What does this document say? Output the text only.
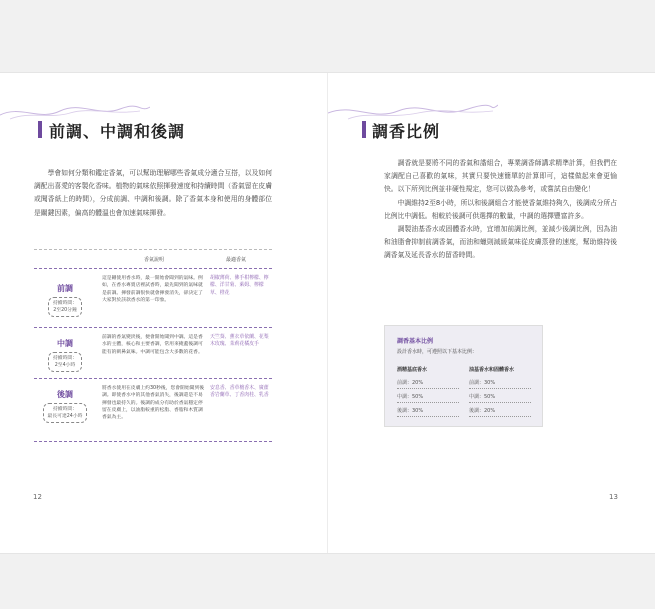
前調、中調和後調

學會如何分類和鑑定香氣，可以幫助理解哪些香氣成分適合互搭，以及如何調配出喜愛的客製化香味。植物的氣味依照揮發速度和持續時間（香氣留在皮膚或聞香紙上的時間），分成前調、中調和後調。除了香氣本身和使用的身體部位是關鍵因素，偏高的體溫也會加速氣味揮發。

香氣說明	最適香氣
前調
持續時間：
2至20分鐘
這是剛使用香水時，最一開始會聞到的氣味。例如，在香水專賣店裡試香時，最先聞到的氣味就是前調。揮發前調很快就會揮發消失，卻決定了大家對於該款香水的第一印象。
胡椒薄荷、佛手柑檸檬、檸檬、洋甘菊、萊姆、檸檬草、橙花
中調
持續時間：
2至4小時
前調的香氣變淡後，便會開始聞到中調。這是香水的主體，核心和主要香調，常用來掩蓋後調可能有的刺鼻氣味。中調可能包含大多數的花香。
天竺葵、薰衣草依蘭、花梨木玫瑰、茉莉花橘皮手
後調
持續時間：
最長可達24小時
將香水使用在皮膚上約30秒後，您會開始聞到後調。即使香水中的其他香氣消失，後調還是不易揮發也最持久的。後調的成分有助於香氣穩定停留在皮膚上，以油脂較重的松脂、香脂和木質調香氣為主。
安息香、香草檀香木、廣藿香岩蘭草、丁香肉桂、乳香
12
調香比例

調香就是要將不同的香氣和諧組合，專業調香師講求精準計算，但我們在家調配自己喜歡的氣味，其實只要快速簡單的計算即可，這樣做起來會更愉快。以下所列比例並非硬性規定，您可以做為參考，或嘗試自由變化！

中調維持2至8小時，所以和後調組合才能使香氣維持夠久，後調成分所占比例比中調低。相較於後調可供選擇的數量，中調的選擇豐富許多。

調製油基香水或固體香水時，宜增加前調比例，並減少後調比例，因為油和油脂會抑制前調香氣，而油和蠟則減緩氣味從皮膚蒸發的速度，幫助維持後調香氣及延長香水的留香時間。

調香基本比例
設計香水時，可遵照以下基本比例：
酒精基底香水	油基香水和固體香水
前調：20%
中調：50%
後調：30%
前調：30%
中調：50%
後調：20%
13
